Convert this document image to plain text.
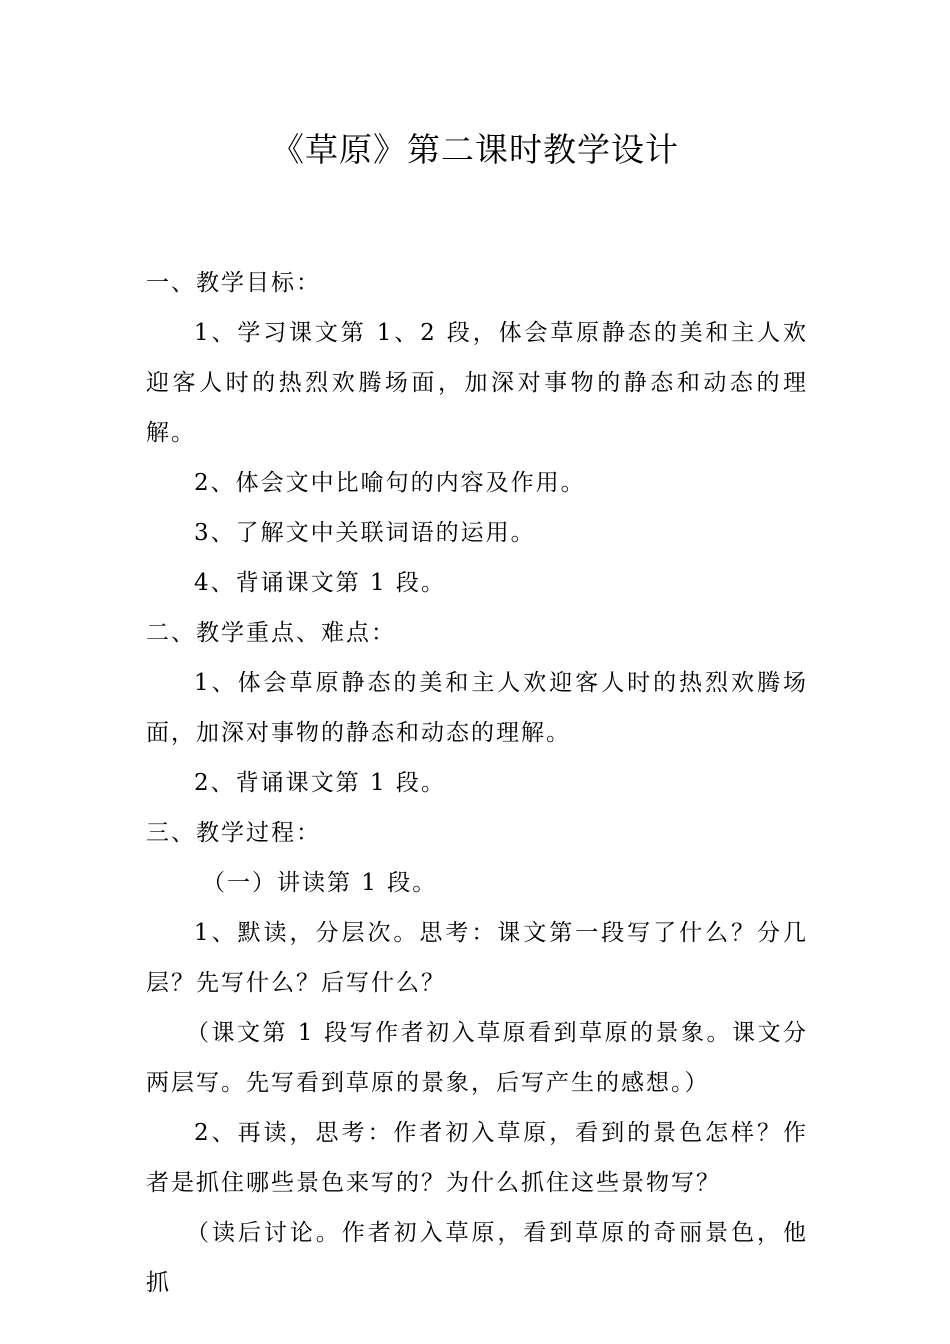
《草原》第二课时教学设计

一、教学目标：

1、学习课文第 1、2 段，体会草原静态的美和主人欢迎客人时的热烈欢腾场面，加深对事物的静态和动态的理解。

2、体会文中比喻句的内容及作用。

3、了解文中关联词语的运用。

4、背诵课文第 1 段。

二、教学重点、难点：

1、体会草原静态的美和主人欢迎客人时的热烈欢腾场面，加深对事物的静态和动态的理解。

2、背诵课文第 1 段。

三、教学过程：

（一）讲读第 1 段。

1、默读，分层次。思考：课文第一段写了什么？分几层？先写什么？后写什么？

（课文第 1 段写作者初入草原看到草原的景象。课文分两层写。先写看到草原的景象，后写产生的感想。）

2、再读，思考：作者初入草原，看到的景色怎样？作者是抓住哪些景色来写的？为什么抓住这些景物写？

（读后讨论。作者初入草原，看到草原的奇丽景色，他抓
